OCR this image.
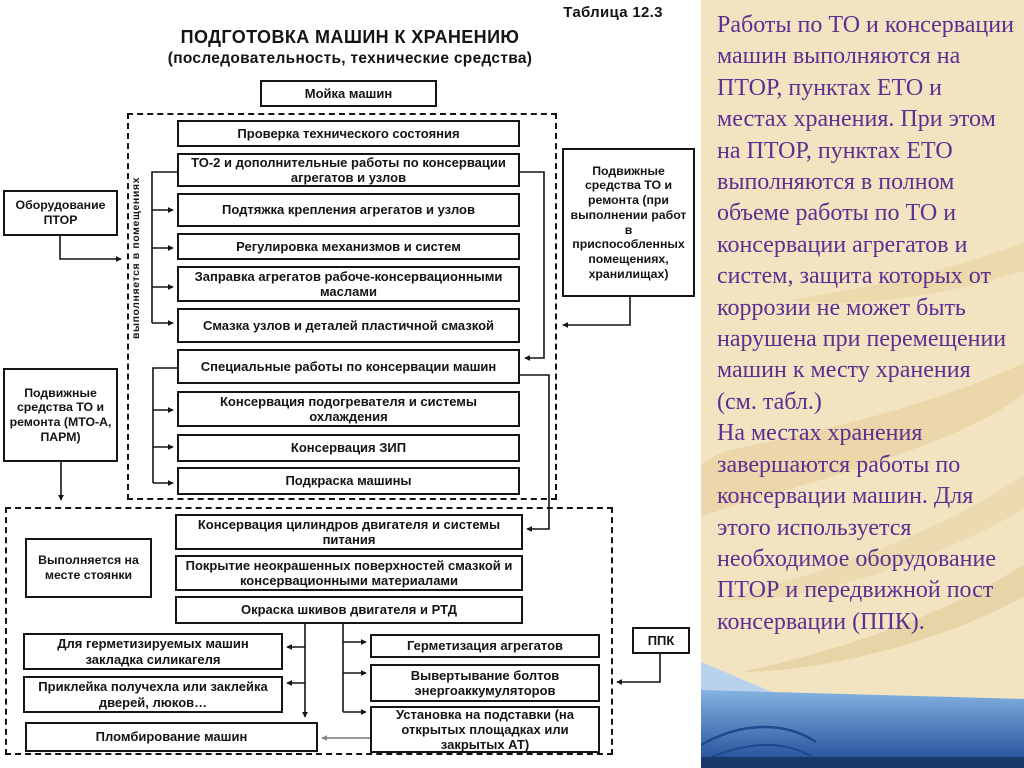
Работы по ТО и консервации машин выполняются на ПТОР, пунктах ЕТО и местах хранения. При этом на ПТОР, пунктах ЕТО выполняются в полном объеме работы по ТО и консервации агрегатов и систем, защита которых от коррозии не может быть нарушена при перемещении машин к месту хранения (см. табл.)

На местах хранения завершаются работы по консервации машин. Для этого используется необходимое оборудование ПТОР и передвижной пост консервации (ППК).

Таблица 12.3
ПОДГОТОВКА МАШИН К ХРАНЕНИЮ
(последовательность, технические средства)
выполняется в помещениях
Мойка машин
Проверка технического состояния
ТО-2 и дополнительные работы по консервации агрегатов и узлов
Подтяжка крепления агрегатов и узлов
Регулировка механизмов и систем
Заправка агрегатов рабоче-консервационными маслами
Смазка узлов и деталей пластичной смазкой
Специальные работы по консервации машин
Консервация подогревателя и системы охлаждения
Консервация ЗИП
Подкраска машины
Оборудование ПТОР
Подвижные средства ТО и ремонта (МТО-А, ПАРМ)
Подвижные средства ТО и ремонта (при выполнении работ в приспособленных помещениях, хранилищах)
Выполняется на месте стоянки
Консервация цилиндров двигателя и системы питания
Покрытие неокрашенных поверхностей смазкой и консервационными материалами
Окраска шкивов двигателя и РТД
Для герметизируемых машин закладка силикагеля
Приклейка получехла или заклейка дверей, люков…
Пломбирование машин
Герметизация агрегатов
Вывертывание болтов энергоаккумуляторов
Установка на подставки (на открытых площадках или закрытых АТ)
ППК
